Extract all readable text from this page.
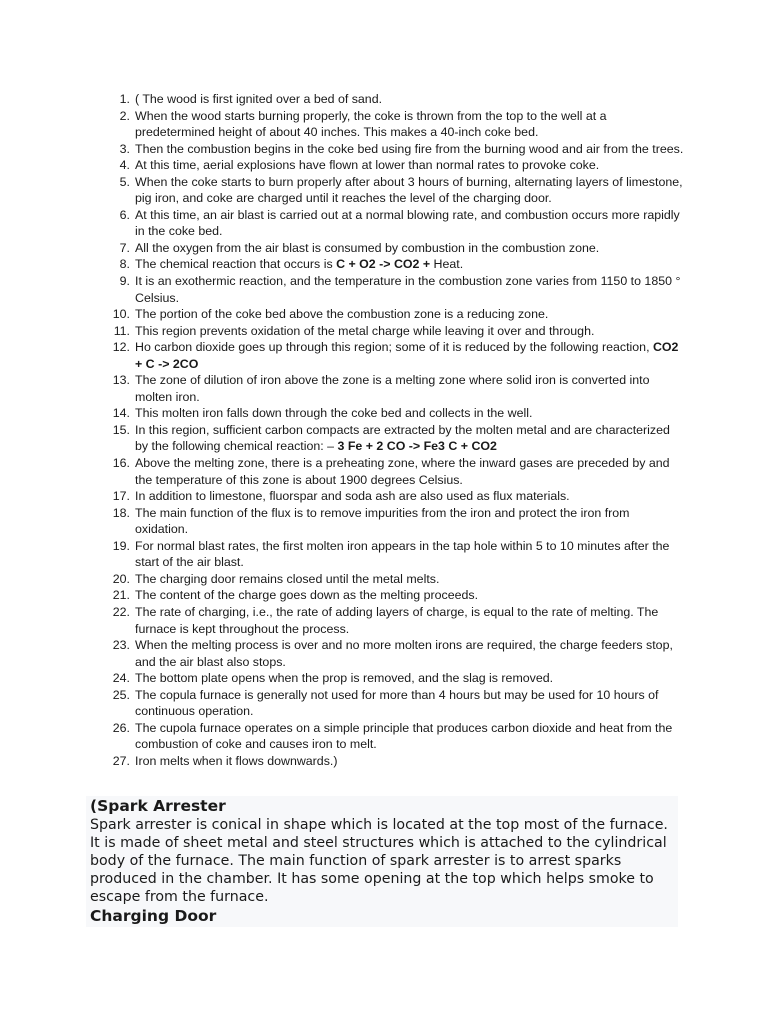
1. ( The wood is first ignited over a bed of sand.
2. When the wood starts burning properly, the coke is thrown from the top to the well at a predetermined height of about 40 inches. This makes a 40-inch coke bed.
3. Then the combustion begins in the coke bed using fire from the burning wood and air from the trees.
4. At this time, aerial explosions have flown at lower than normal rates to provoke coke.
5. When the coke starts to burn properly after about 3 hours of burning, alternating layers of limestone, pig iron, and coke are charged until it reaches the level of the charging door.
6. At this time, an air blast is carried out at a normal blowing rate, and combustion occurs more rapidly in the coke bed.
7. All the oxygen from the air blast is consumed by combustion in the combustion zone.
8. The chemical reaction that occurs is C + O2 -> CO2 + Heat.
9. It is an exothermic reaction, and the temperature in the combustion zone varies from 1150 to 1850 ° Celsius.
10. The portion of the coke bed above the combustion zone is a reducing zone.
11. This region prevents oxidation of the metal charge while leaving it over and through.
12. Ho carbon dioxide goes up through this region; some of it is reduced by the following reaction, CO2 + C -> 2CO
13. The zone of dilution of iron above the zone is a melting zone where solid iron is converted into molten iron.
14. This molten iron falls down through the coke bed and collects in the well.
15. In this region, sufficient carbon compacts are extracted by the molten metal and are characterized by the following chemical reaction: – 3 Fe + 2 CO -> Fe3 C + CO2
16. Above the melting zone, there is a preheating zone, where the inward gases are preceded by and the temperature of this zone is about 1900 degrees Celsius.
17. In addition to limestone, fluorspar and soda ash are also used as flux materials.
18. The main function of the flux is to remove impurities from the iron and protect the iron from oxidation.
19. For normal blast rates, the first molten iron appears in the tap hole within 5 to 10 minutes after the start of the air blast.
20. The charging door remains closed until the metal melts.
21. The content of the charge goes down as the melting proceeds.
22. The rate of charging, i.e., the rate of adding layers of charge, is equal to the rate of melting. The furnace is kept throughout the process.
23. When the melting process is over and no more molten irons are required, the charge feeders stop, and the air blast also stops.
24. The bottom plate opens when the prop is removed, and the slag is removed.
25. The copula furnace is generally not used for more than 4 hours but may be used for 10 hours of continuous operation.
26. The cupola furnace operates on a simple principle that produces carbon dioxide and heat from the combustion of coke and causes iron to melt.
27. Iron melts when it flows downwards.)
(Spark Arrester
Spark arrester is conical in shape which is located at the top most of the furnace. It is made of sheet metal and steel structures which is attached to the cylindrical body of the furnace. The main function of spark arrester is to arrest sparks produced in the chamber. It has some opening at the top which helps smoke to escape from the furnace.
Charging Door
